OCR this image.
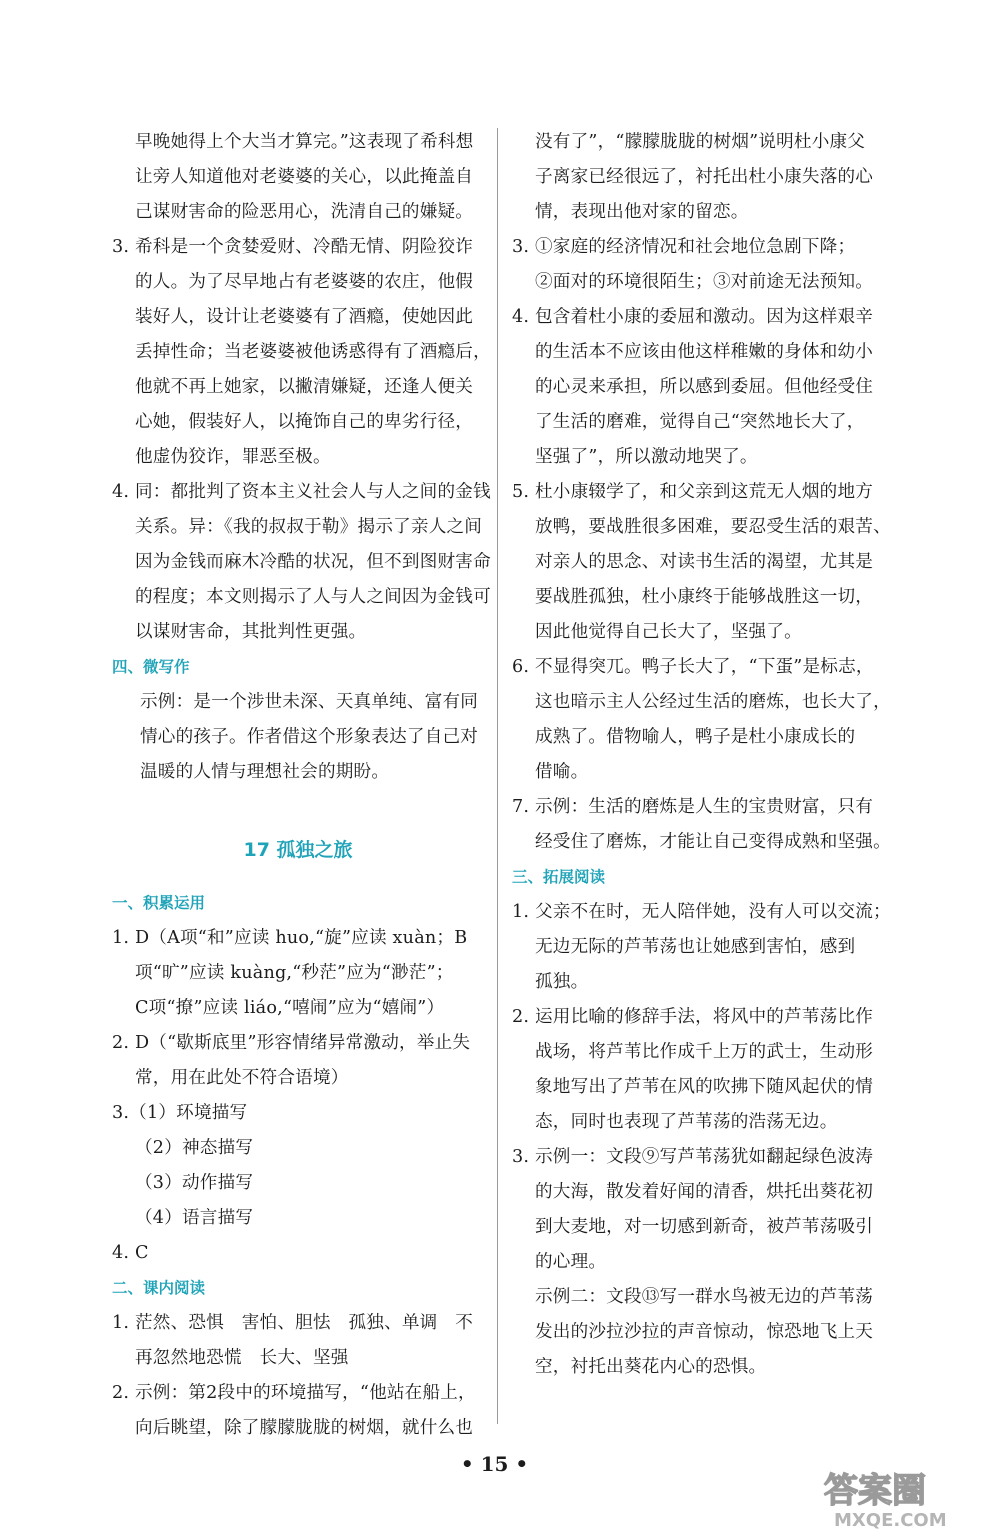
早晚她得上个大当才算完。”这表现了希科想
让旁人知道他对老婆婆的关心，以此掩盖自
己谋财害命的险恶用心，洗清自己的嫌疑。
3. 希科是一个贪婪爱财、冷酷无情、阴险狡诈
的人。为了尽早地占有老婆婆的农庄，他假
装好人，设计让老婆婆有了酒瘾，使她因此
丢掉性命；当老婆婆被他诱惑得有了酒瘾后，
他就不再上她家，以撇清嫌疑，还逢人便关
心她，假装好人，以掩饰自己的卑劣行径，
他虚伪狡诈，罪恶至极。
4. 同：都批判了资本主义社会人与人之间的金钱
关系。异：《我的叔叔于勒》揭示了亲人之间
因为金钱而麻木冷酷的状况，但不到图财害命
的程度；本文则揭示了人与人之间因为金钱可
以谋财害命，其批判性更强。
四、微写作
示例：是一个涉世未深、天真单纯、富有同
情心的孩子。作者借这个形象表达了自己对
温暖的人情与理想社会的期盼。
17 孤独之旅
一、积累运用
1. D（A项“和”应读 huo,“旋”应读 xuàn；B
项“旷”应读 kuàng,“秒茫”应为“渺茫”；
C项“撩”应读 liáo,“嘻闹”应为“嬉闹”）
2. D（“歇斯底里”形容情绪异常激动，举止失
常，用在此处不符合语境）
3.（1）环境描写
（2）神态描写
（3）动作描写
（4）语言描写
4. C
二、课内阅读
1. 茫然、恐惧　害怕、胆怯　孤独、单调　不
再忽然地恐慌　长大、坚强
2. 示例：第2段中的环境描写，“他站在船上，
向后眺望，除了朦朦胧胧的树烟，就什么也
没有了”，“朦朦胧胧的树烟”说明杜小康父
子离家已经很远了，衬托出杜小康失落的心
情，表现出他对家的留恋。
3. ①家庭的经济情况和社会地位急剧下降；
②面对的环境很陌生；③对前途无法预知。
4. 包含着杜小康的委屈和激动。因为这样艰辛
的生活本不应该由他这样稚嫩的身体和幼小
的心灵来承担，所以感到委屈。但他经受住
了生活的磨难，觉得自己“突然地长大了，
坚强了”，所以激动地哭了。
5. 杜小康辍学了，和父亲到这荒无人烟的地方
放鸭，要战胜很多困难，要忍受生活的艰苦、
对亲人的思念、对读书生活的渴望，尤其是
要战胜孤独，杜小康终于能够战胜这一切，
因此他觉得自己长大了，坚强了。
6. 不显得突兀。鸭子长大了，“下蛋”是标志，
这也暗示主人公经过生活的磨炼，也长大了，
成熟了。借物喻人，鸭子是杜小康成长的
借喻。
7. 示例：生活的磨炼是人生的宝贵财富，只有
经受住了磨炼，才能让自己变得成熟和坚强。
三、拓展阅读
1. 父亲不在时，无人陪伴她，没有人可以交流；
无边无际的芦苇荡也让她感到害怕，感到
孤独。
2. 运用比喻的修辞手法，将风中的芦苇荡比作
战场，将芦苇比作成千上万的武士，生动形
象地写出了芦苇在风的吹拂下随风起伏的情
态，同时也表现了芦苇荡的浩荡无边。
3. 示例一：文段⑨写芦苇荡犹如翻起绿色波涛
的大海，散发着好闻的清香，烘托出葵花初
到大麦地，对一切感到新奇，被芦苇荡吸引
的心理。
示例二：文段⑬写一群水鸟被无边的芦苇荡
发出的沙拉沙拉的声音惊动，惊恐地飞上天
空，衬托出葵花内心的恐惧。
• 15 •
答案圈
MXQE.COM
